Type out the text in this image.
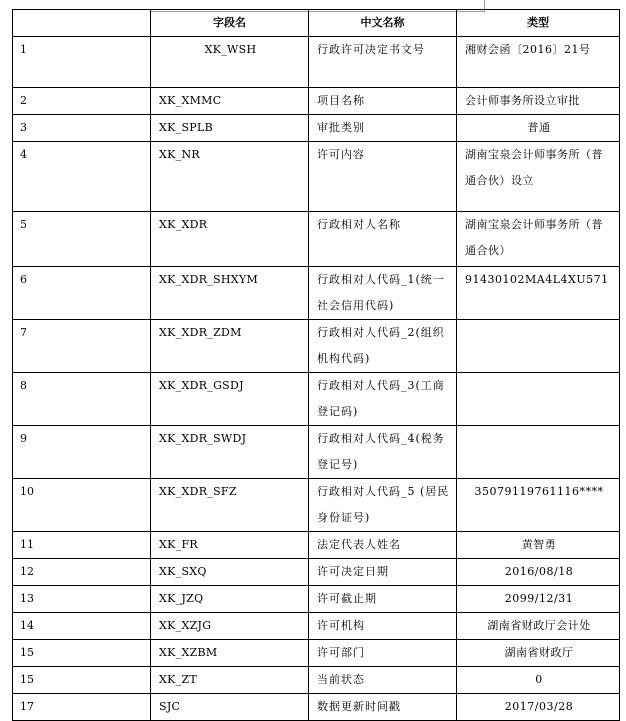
	字段名	中文名称	类型
1	XK_WSH	行政许可决定书文号	湘财会函〔2016〕21号
2	XK_XMMC	项目名称	会计师事务所设立审批
3	XK_SPLB	审批类别	普通
4	XK_NR	许可内容	湖南宝泉会计师事务所（普通合伙）设立
5	XK_XDR	行政相对人名称	湖南宝泉会计师事务所（普通合伙）
6	XK_XDR_SHXYM	行政相对人代码_1(统一社会信用代码)	91430102MA4L4XU571
7	XK_XDR_ZDM	行政相对人代码_2(组织机构代码)	
8	XK_XDR_GSDJ	行政相对人代码_3(工商登记码)	
9	XK_XDR_SWDJ	行政相对人代码_4(税务登记号)	
10	XK_XDR_SFZ	行政相对人代码_5 (居民身份证号)	35079119761116****
11	XK_FR	法定代表人姓名	黄智勇
12	XK_SXQ	许可决定日期	2016/08/18
13	XK_JZQ	许可截止期	2099/12/31
14	XK_XZJG	许可机构	湖南省财政厅会计处
15	XK_XZBM	许可部门	湖南省财政厅
15	XK_ZT	当前状态	0
17	SJC	数据更新时间戳	2017/03/28
